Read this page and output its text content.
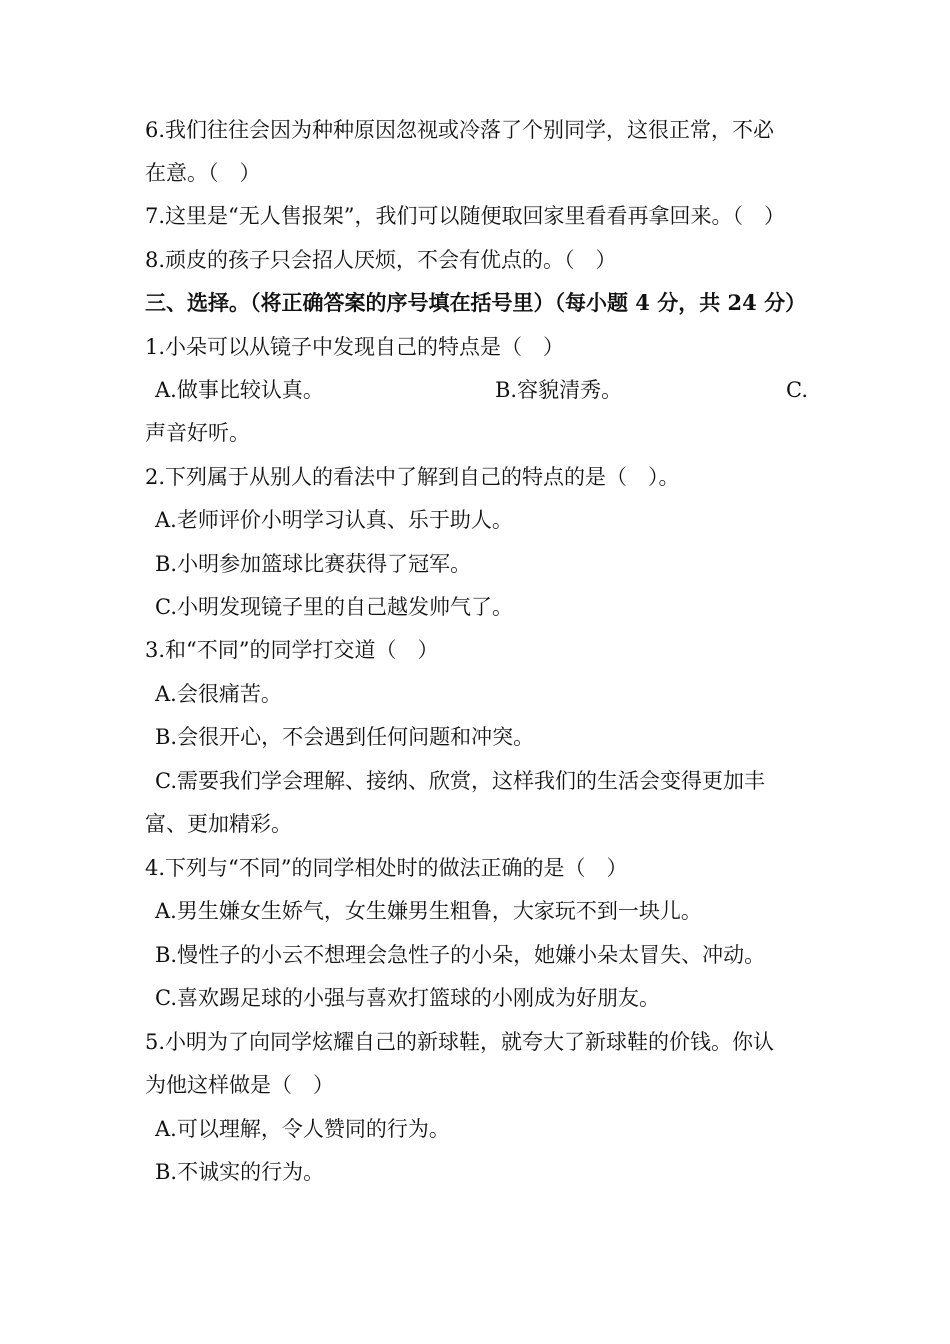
6.我们往往会因为种种原因忽视或冷落了个别同学，这很正常，不必
在意。（　）
7.这里是“无人售报架”，我们可以随便取回家里看看再拿回来。（　）
8.顽皮的孩子只会招人厌烦，不会有优点的。（　）
三、选择。（将正确答案的序号填在括号里）（每小题 4 分，共 24 分）
1.小朵可以从镜子中发现自己的特点是（　）
A.做事比较认真。	B.容貌清秀。	C.
声音好听。
2.下列属于从别人的看法中了解到自己的特点的是（　）。
A.老师评价小明学习认真、乐于助人。
B.小明参加篮球比赛获得了冠军。
C.小明发现镜子里的自己越发帅气了。
3.和“不同”的同学打交道（　）
A.会很痛苦。
B.会很开心，不会遇到任何问题和冲突。
C.需要我们学会理解、接纳、欣赏，这样我们的生活会变得更加丰
富、更加精彩。
4.下列与“不同”的同学相处时的做法正确的是（　）
A.男生嫌女生娇气，女生嫌男生粗鲁，大家玩不到一块儿。
B.慢性子的小云不想理会急性子的小朵，她嫌小朵太冒失、冲动。
C.喜欢踢足球的小强与喜欢打篮球的小刚成为好朋友。
5.小明为了向同学炫耀自己的新球鞋，就夸大了新球鞋的价钱。你认
为他这样做是（　）
A.可以理解，令人赞同的行为。
B.不诚实的行为。
